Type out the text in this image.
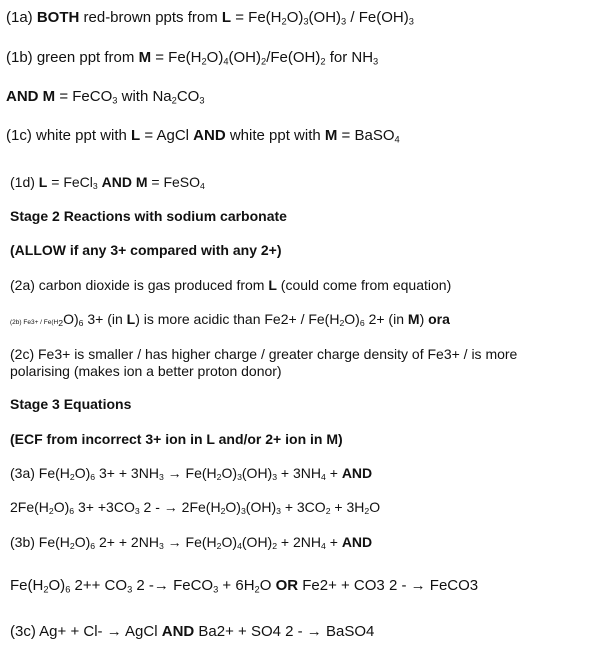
(1a) BOTH red-brown ppts from $L = Fe(H_2O)_3(OH)_3 / Fe(OH)_3$
(1b) green ppt from $M = Fe(H_2O)_4(OH)_2/Fe(OH)_2$ for $NH_3$
AND M = FeCO$_3$ with $Na_2CO_3$
(1c) white ppt with L = AgCl AND white ppt with M = BaSO$_4$
(1d) L = FeCl$_3$ AND M = FeSO$_4$
Stage 2 Reactions with sodium carbonate
(ALLOW if any 3+ compared with any 2+)
(2a) carbon dioxide is gas produced from L (could come from equation)
(2b) $Fe3+ / Fe(H_2O)_6$ 3+ (in L) is more acidic than $Fe2+ / Fe(H_2O)_6$ 2+ (in M) ora
(2c) Fe3+ is smaller / has higher charge / greater charge density of Fe3+ / is more polarising (makes ion a better proton donor)
Stage 3 Equations
(ECF from incorrect 3+ ion in L and/or 2+ ion in M)
(3a) $Fe(H_2O)_6$ $3+ + 3NH_3 \to Fe(H_2O)_3(OH)_3 + 3NH_4$ + AND
$2Fe(H_2O)_6$ $3+ +3CO_3$ 2 - → $2Fe(H_2O)_3(OH)_3 + 3CO_2 + 3H_2O$
(3b) $Fe(H_2O)_6$ $2+ + 2NH_3 \to Fe(H_2O)_4(OH)_2 + 2NH_4$ + AND
$Fe(H_2O)_6$ $2++ CO_3$ 2 -→ FeCO$_3$ + $6H_2O$ OR Fe2+ + CO3 2 - → FeCO3
(3c) Ag+ + Cl- → AgCl AND Ba2+ + SO4 2 - → BaSO4
